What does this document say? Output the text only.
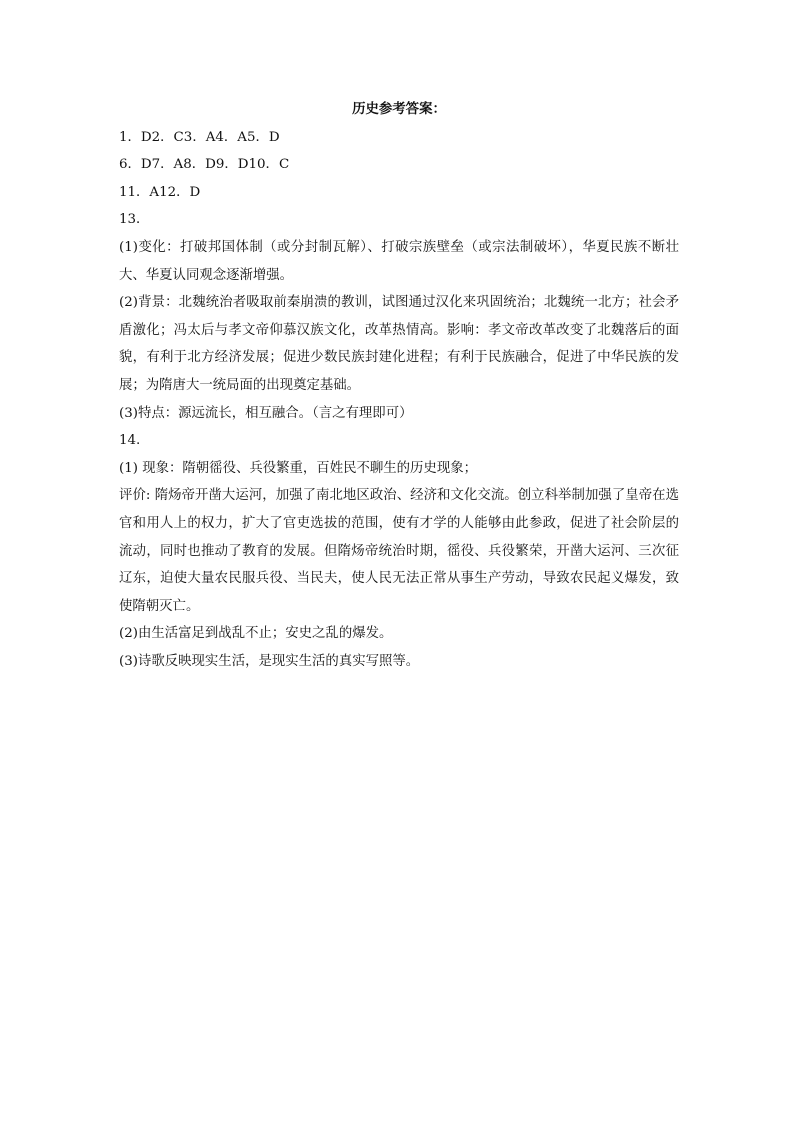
历史参考答案：

1．D2．C3．A4．A5．D

6．D7．A8．D9．D10．C

11．A12．D

13．

(1)变化：打破邦国体制（或分封制瓦解）、打破宗族壁垒（或宗法制破坏），华夏民族不断壮大、华夏认同观念逐渐增强。

(2)背景：北魏统治者吸取前秦崩溃的教训，试图通过汉化来巩固统治；北魏统一北方；社会矛盾激化；冯太后与孝文帝仰慕汉族文化，改革热情高。影响：孝文帝改革改变了北魏落后的面貌，有利于北方经济发展；促进少数民族封建化进程；有利于民族融合，促进了中华民族的发展；为隋唐大一统局面的出现奠定基础。

(3)特点：源远流长，相互融合。（言之有理即可）

14.

(1) 现象：隋朝徭役、兵役繁重，百姓民不聊生的历史现象；

评价: 隋炀帝开凿大运河，加强了南北地区政治、经济和文化交流。创立科举制加强了皇帝在选官和用人上的权力，扩大了官吏选拔的范围，使有才学的人能够由此参政，促进了社会阶层的流动，同时也推动了教育的发展。但隋炀帝统治时期，徭役、兵役繁荣，开凿大运河、三次征辽东，迫使大量农民服兵役、当民夫，使人民无法正常从事生产劳动，导致农民起义爆发，致使隋朝灭亡。

(2)由生活富足到战乱不止；安史之乱的爆发。

(3)诗歌反映现实生活，是现实生活的真实写照等。
